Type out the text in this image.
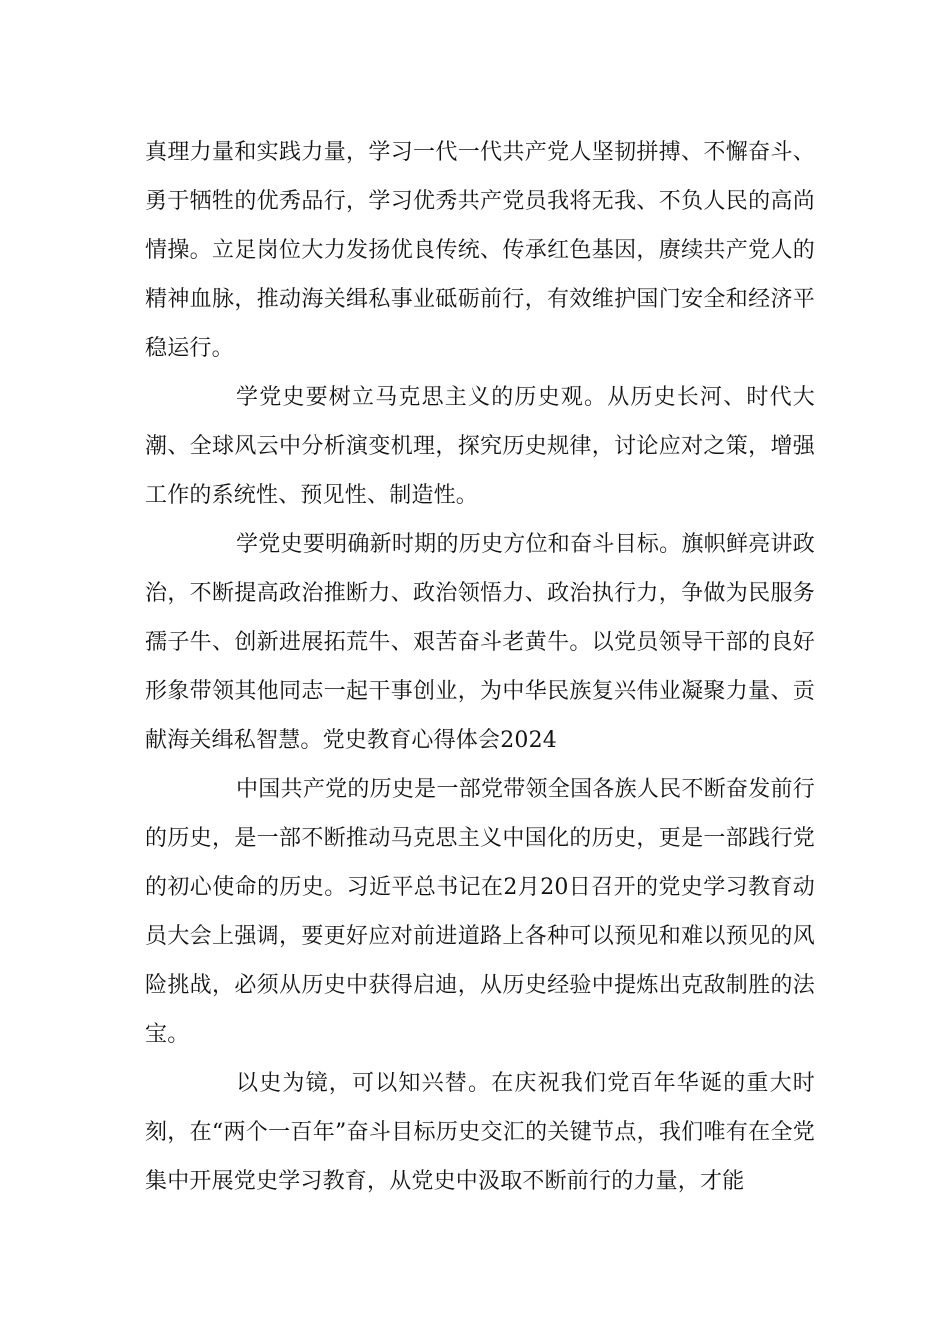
真理力量和实践力量，学习一代一代共产党人坚韧拼搏、不懈奋斗、勇于牺牲的优秀品行，学习优秀共产党员我将无我、不负人民的高尚情操。立足岗位大力发扬优良传统、传承红色基因，赓续共产党人的精神血脉，推动海关缉私事业砥砺前行，有效维护国门安全和经济平稳运行。

学党史要树立马克思主义的历史观。从历史长河、时代大潮、全球风云中分析演变机理，探究历史规律，讨论应对之策，增强工作的系统性、预见性、制造性。

学党史要明确新时期的历史方位和奋斗目标。旗帜鲜亮讲政治，不断提高政治推断力、政治领悟力、政治执行力，争做为民服务孺子牛、创新进展拓荒牛、艰苦奋斗老黄牛。以党员领导干部的良好形象带领其他同志一起干事创业，为中华民族复兴伟业凝聚力量、贡献海关缉私智慧。党史教育心得体会2024

中国共产党的历史是一部党带领全国各族人民不断奋发前行的历史，是一部不断推动马克思主义中国化的历史，更是一部践行党的初心使命的历史。习近平总书记在2月20日召开的党史学习教育动员大会上强调，要更好应对前进道路上各种可以预见和难以预见的风险挑战，必须从历史中获得启迪，从历史经验中提炼出克敌制胜的法宝。

以史为镜，可以知兴替。在庆祝我们党百年华诞的重大时刻，在“两个一百年”奋斗目标历史交汇的关键节点，我们唯有在全党集中开展党史学习教育，从党史中汲取不断前行的力量，才能
